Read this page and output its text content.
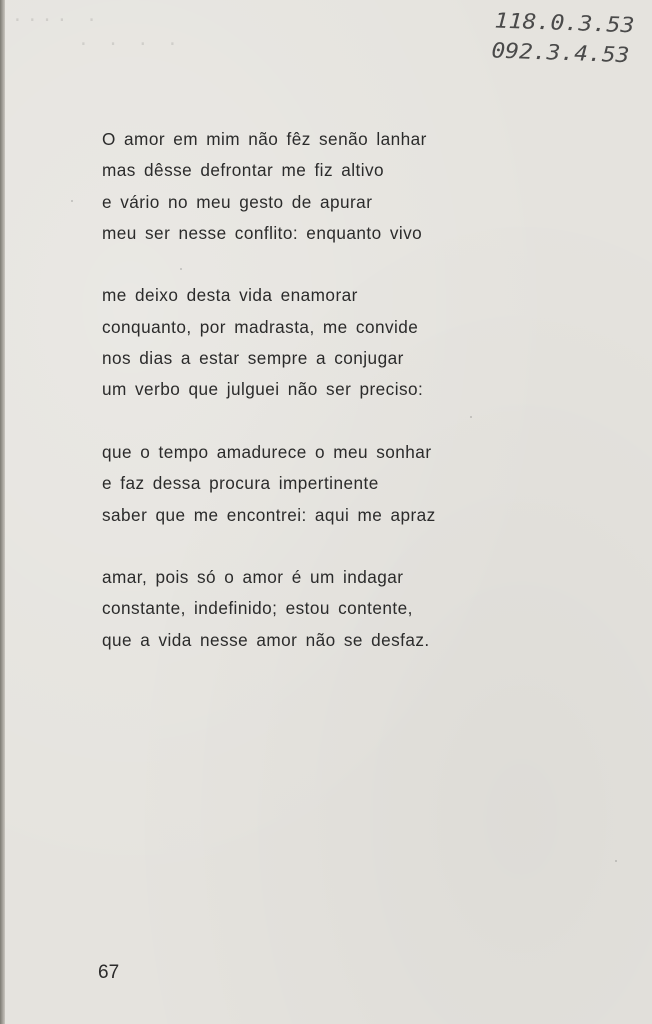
···· ·
· · · ·
118.0.3.53
092.3.4.53
O amor em mim não fêz senão lanhar
mas dêsse defrontar me fiz altivo
e vário no meu gesto de apurar
meu ser nesse conflito: enquanto vivo
me deixo desta vida enamorar
conquanto, por madrasta, me convide
nos dias a estar sempre a conjugar
um verbo que julguei não ser preciso:
que o tempo amadurece o meu sonhar
e faz dessa procura impertinente
saber que me encontrei: aqui me apraz
amar, pois só o amor é um indagar
constante, indefinido; estou contente,
que a vida nesse amor não se desfaz.
67
